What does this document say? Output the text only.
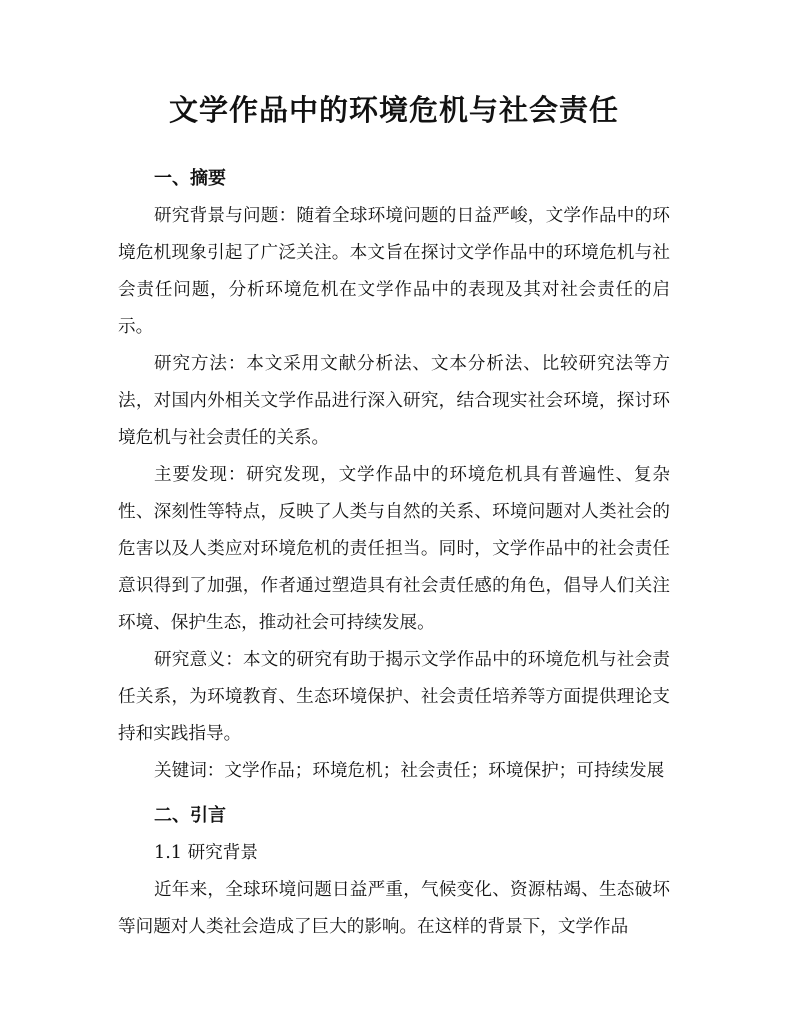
文学作品中的环境危机与社会责任
一、摘要

研究背景与问题：随着全球环境问题的日益严峻，文学作品中的环境危机现象引起了广泛关注。本文旨在探讨文学作品中的环境危机与社会责任问题，分析环境危机在文学作品中的表现及其对社会责任的启示。

研究方法：本文采用文献分析法、文本分析法、比较研究法等方法，对国内外相关文学作品进行深入研究，结合现实社会环境，探讨环境危机与社会责任的关系。

主要发现：研究发现，文学作品中的环境危机具有普遍性、复杂性、深刻性等特点，反映了人类与自然的关系、环境问题对人类社会的危害以及人类应对环境危机的责任担当。同时，文学作品中的社会责任意识得到了加强，作者通过塑造具有社会责任感的角色，倡导人们关注环境、保护生态，推动社会可持续发展。

研究意义：本文的研究有助于揭示文学作品中的环境危机与社会责任关系，为环境教育、生态环境保护、社会责任培养等方面提供理论支持和实践指导。

关键词：文学作品；环境危机；社会责任；环境保护；可持续发展

二、引言

1.1 研究背景

近年来，全球环境问题日益严重，气候变化、资源枯竭、生态破坏等问题对人类社会造成了巨大的影响。在这样的背景下，文学作品
